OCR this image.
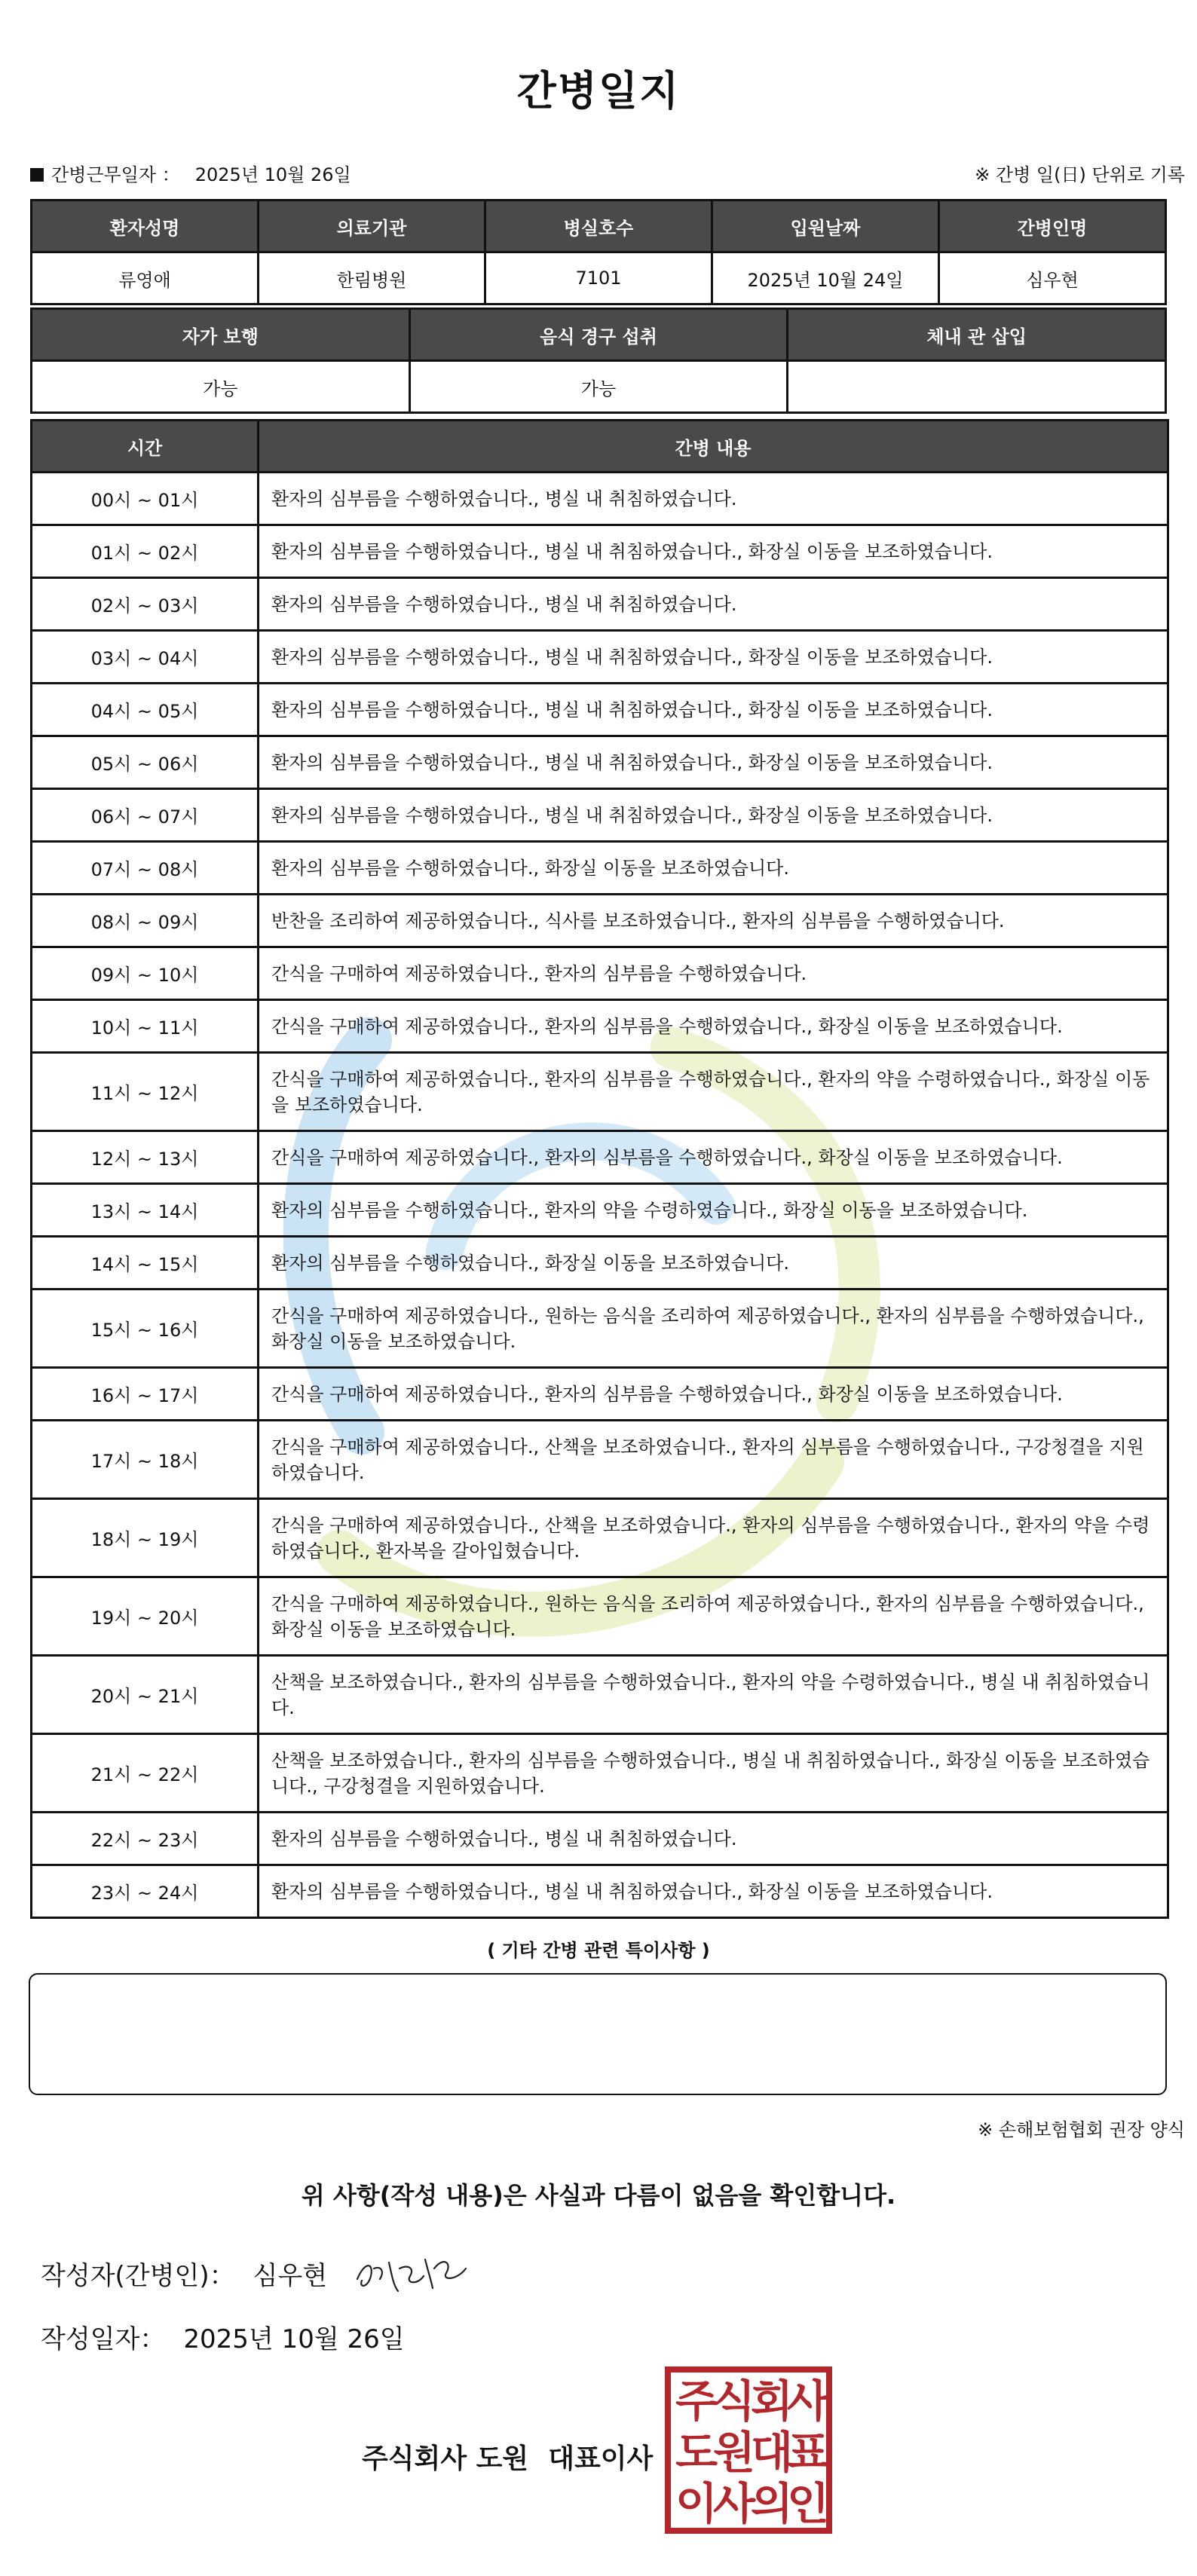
간병일지
간병근무일자 ： 2025년 10월 26일	※ 간병 일(日) 단위로 기록
환자성명	의료기관	병실호수	입원날짜	간병인명
류영애	한림병원	7101	2025년 10월 24일	심우현
자가 보행	음식 경구 섭취	체내 관 삽입
가능	가능	
시간	간병 내용
00시 ~ 01시	환자의 심부름을 수행하였습니다., 병실 내 취침하였습니다.
01시 ~ 02시	환자의 심부름을 수행하였습니다., 병실 내 취침하였습니다., 화장실 이동을 보조하였습니다.
02시 ~ 03시	환자의 심부름을 수행하였습니다., 병실 내 취침하였습니다.
03시 ~ 04시	환자의 심부름을 수행하였습니다., 병실 내 취침하였습니다., 화장실 이동을 보조하였습니다.
04시 ~ 05시	환자의 심부름을 수행하였습니다., 병실 내 취침하였습니다., 화장실 이동을 보조하였습니다.
05시 ~ 06시	환자의 심부름을 수행하였습니다., 병실 내 취침하였습니다., 화장실 이동을 보조하였습니다.
06시 ~ 07시	환자의 심부름을 수행하였습니다., 병실 내 취침하였습니다., 화장실 이동을 보조하였습니다.
07시 ~ 08시	환자의 심부름을 수행하였습니다., 화장실 이동을 보조하였습니다.
08시 ~ 09시	반찬을 조리하여 제공하였습니다., 식사를 보조하였습니다., 환자의 심부름을 수행하였습니다.
09시 ~ 10시	간식을 구매하여 제공하였습니다., 환자의 심부름을 수행하였습니다.
10시 ~ 11시	간식을 구매하여 제공하였습니다., 환자의 심부름을 수행하였습니다., 화장실 이동을 보조하였습니다.
11시 ~ 12시	간식을 구매하여 제공하였습니다., 환자의 심부름을 수행하였습니다., 환자의 약을 수령하였습니다., 화장실 이동을 보조하였습니다.
12시 ~ 13시	간식을 구매하여 제공하였습니다., 환자의 심부름을 수행하였습니다., 화장실 이동을 보조하였습니다.
13시 ~ 14시	환자의 심부름을 수행하였습니다., 환자의 약을 수령하였습니다., 화장실 이동을 보조하였습니다.
14시 ~ 15시	환자의 심부름을 수행하였습니다., 화장실 이동을 보조하였습니다.
15시 ~ 16시	간식을 구매하여 제공하였습니다., 원하는 음식을 조리하여 제공하였습니다., 환자의 심부름을 수행하였습니다., 화장실 이동을 보조하였습니다.
16시 ~ 17시	간식을 구매하여 제공하였습니다., 환자의 심부름을 수행하였습니다., 화장실 이동을 보조하였습니다.
17시 ~ 18시	간식을 구매하여 제공하였습니다., 산책을 보조하였습니다., 환자의 심부름을 수행하였습니다., 구강청결을 지원하였습니다.
18시 ~ 19시	간식을 구매하여 제공하였습니다., 산책을 보조하였습니다., 환자의 심부름을 수행하였습니다., 환자의 약을 수령하였습니다., 환자복을 갈아입혔습니다.
19시 ~ 20시	간식을 구매하여 제공하였습니다., 원하는 음식을 조리하여 제공하였습니다., 환자의 심부름을 수행하였습니다., 화장실 이동을 보조하였습니다.
20시 ~ 21시	산책을 보조하였습니다., 환자의 심부름을 수행하였습니다., 환자의 약을 수령하였습니다., 병실 내 취침하였습니다.
21시 ~ 22시	산책을 보조하였습니다., 환자의 심부름을 수행하였습니다., 병실 내 취침하였습니다., 화장실 이동을 보조하였습니다., 구강청결을 지원하였습니다.
22시 ~ 23시	환자의 심부름을 수행하였습니다., 병실 내 취침하였습니다.
23시 ~ 24시	환자의 심부름을 수행하였습니다., 병실 내 취침하였습니다., 화장실 이동을 보조하였습니다.
( 기타 간병 관련 특이사항 )
※ 손해보험협회 권장 양식
위 사항(작성 내용)은 사실과 다름이 없음을 확인합니다.
작성자(간병인)： 심우현
작성일자： 2025년 10월 26일
주식회사 도원 대표이사
주
식
회
사
도
원
대
표
이
사
의
인
